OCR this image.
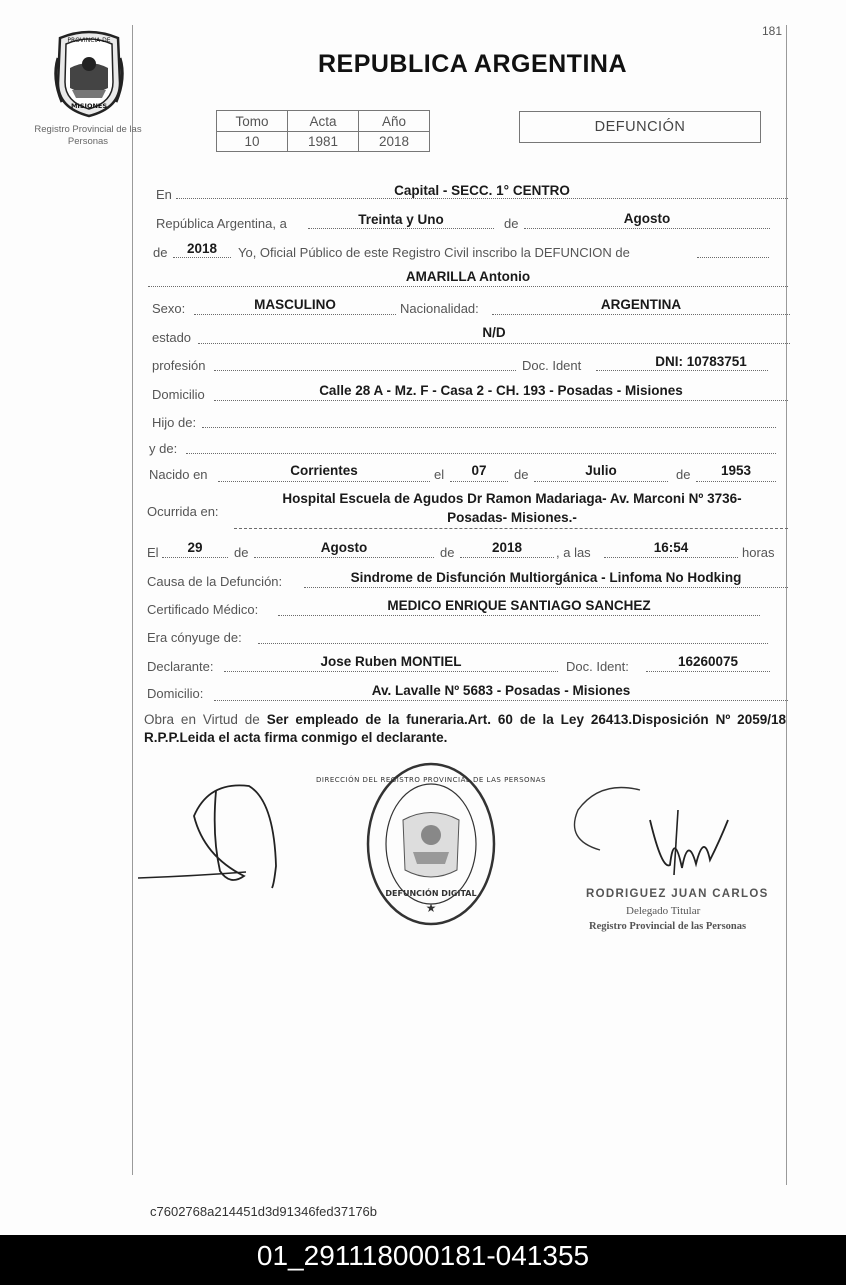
181
PROVINCIA DE
MISIONES
Registro Provincial de las Personas
REPUBLICA ARGENTINA
Tomo	Acta	Año
10	1981	2018
DEFUNCIÓN
En	Capital - SECC. 1° CENTRO
República Argentina, a	Treinta y Uno	de	Agosto
de	2018	Yo, Oficial Público de este Registro Civil inscribo la DEFUNCION de
AMARILLA Antonio
Sexo:	MASCULINO	Nacionalidad:	ARGENTINA
estado	N/D
profesión	Doc. Ident	DNI: 10783751
Domicilio	Calle 28 A - Mz. F - Casa 2 - CH. 193 - Posadas - Misiones
Hijo de:
y de:
Nacido en	Corrientes	el	07	de	Julio	de	1953
Ocurrida en:
Hospital Escuela de Agudos Dr Ramon Madariaga- Av. Marconi Nº 3736-
Posadas- Misiones.-
El	29	de	Agosto	de	2018	, a las	16:54	horas
Causa de la Defunción:	Sindrome de Disfunción Multiorgánica - Linfoma No Hodking
Certificado Médico:	MEDICO ENRIQUE SANTIAGO SANCHEZ
Era cónyuge de:
Declarante:	Jose Ruben MONTIEL	Doc. Ident:	16260075
Domicilio:	Av. Lavalle Nº 5683 - Posadas - Misiones
Obra en Virtud de Ser empleado de la funeraria.Art. 60 de la Ley 26413.Disposición Nº 2059/18 R.P.P.Leida el acta firma conmigo el declarante.
★
DIRECCIÓN DEL REGISTRO PROVINCIAL DE LAS PERSONAS
DEFUNCIÓN DIGITAL	RODRIGUEZ JUAN CARLOS
Delegado Titular
Registro Provincial de las Personas
c7602768a214451d3d91346fed37176b
01_291118000181-041355
